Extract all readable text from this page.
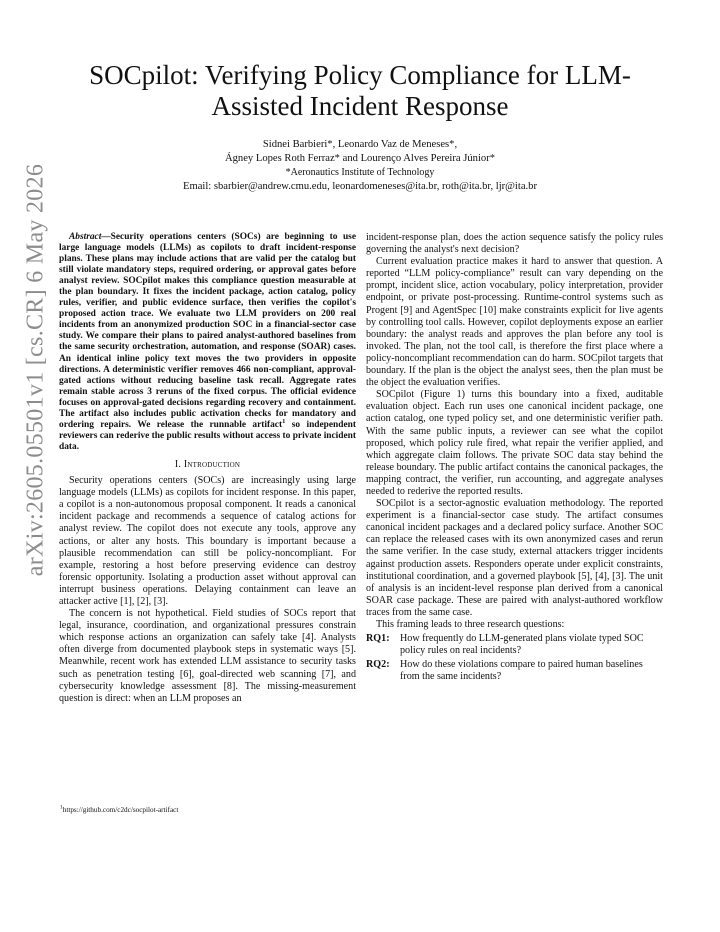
arXiv:2605.05501v1 [cs.CR] 6 May 2026
SOCpilot: Verifying Policy Compliance for LLM-Assisted Incident Response
Sidnei Barbieri*, Leonardo Vaz de Meneses*,
Ágney Lopes Roth Ferraz* and Lourenço Alves Pereira Júnior*
*Aeronautics Institute of Technology
Email: sbarbier@andrew.cmu.edu, leonardomeneses@ita.br, roth@ita.br, ljr@ita.br

Abstract—Security operations centers (SOCs) are beginning to use large language models (LLMs) as copilots to draft incident-response plans. These plans may include actions that are valid per the catalog but still violate mandatory steps, required ordering, or approval gates before analyst review. SOCpilot makes this compliance question measurable at the plan boundary. It fixes the incident package, action catalog, policy rules, verifier, and public evidence surface, then verifies the copilot's proposed action trace. We evaluate two LLM providers on 200 real incidents from an anonymized production SOC in a financial-sector case study. We compare their plans to paired analyst-authored baselines from the same security orchestration, automation, and response (SOAR) cases. An identical inline policy text moves the two providers in opposite directions. A deterministic verifier removes 466 non-compliant, approval-gated actions without reducing baseline task recall. Aggregate rates remain stable across 3 reruns of the fixed corpus. The official evidence focuses on approval-gated decisions regarding recovery and containment. The artifact also includes public activation checks for mandatory and ordering repairs. We release the runnable artifact$^1$ so independent reviewers can rederive the public results without access to private incident data.

I. Introduction

Security operations centers (SOCs) are increasingly using large language models (LLMs) as copilots for incident response. In this paper, a copilot is a non-autonomous proposal component. It reads a canonical incident package and recommends a sequence of catalog actions for analyst review. The copilot does not execute any tools, approve any actions, or alter any hosts. This boundary is important because a plausible recommendation can still be policy-noncompliant. For example, restoring a host before preserving evidence can destroy forensic opportunity. Isolating a production asset without approval can interrupt business operations. Delaying containment can leave an attacker active [1], [2], [3].

The concern is not hypothetical. Field studies of SOCs report that legal, insurance, coordination, and organizational pressures constrain which response actions an organization can safely take [4]. Analysts often diverge from documented playbook steps in systematic ways [5]. Meanwhile, recent work has extended LLM assistance to security tasks such as penetration testing [6], goal-directed web scanning [7], and cybersecurity knowledge assessment [8]. The missing-measurement question is direct: when an LLM proposes an

incident-response plan, does the action sequence satisfy the policy rules governing the analyst's next decision?

Current evaluation practice makes it hard to answer that question. A reported “LLM policy-compliance” result can vary depending on the prompt, incident slice, action vocabulary, policy interpretation, provider endpoint, or private post-processing. Runtime-control systems such as Progent [9] and AgentSpec [10] make constraints explicit for live agents by controlling tool calls. However, copilot deployments expose an earlier boundary: the analyst reads and approves the plan before any tool is invoked. The plan, not the tool call, is therefore the first place where a policy-noncompliant recommendation can do harm. SOCpilot targets that boundary. If the plan is the object the analyst sees, then the plan must be the object the evaluation verifies.

SOCpilot (Figure 1) turns this boundary into a fixed, auditable evaluation object. Each run uses one canonical incident package, one action catalog, one typed policy set, and one deterministic verifier path. With the same public inputs, a reviewer can see what the copilot proposed, which policy rule fired, what repair the verifier applied, and which aggregate claim follows. The private SOC data stay behind the release boundary. The public artifact contains the canonical packages, the mapping contract, the verifier, run accounting, and aggregate analyses needed to rederive the reported results.

SOCpilot is a sector-agnostic evaluation methodology. The reported experiment is a financial-sector case study. The artifact consumes canonical incident packages and a declared policy surface. Another SOC can replace the released cases with its own anonymized cases and rerun the same verifier. In the case study, external attackers trigger incidents against production assets. Responders operate under explicit constraints, institutional coordination, and a governed playbook [5], [4], [3]. The unit of analysis is an incident-level response plan derived from a canonical SOAR case package. These are paired with analyst-authored workflow traces from the same case.

This framing leads to three research questions:

RQ1:	How frequently do LLM-generated plans violate typed SOC policy rules on real incidents?
RQ2:	How do these violations compare to paired human baselines from the same incidents?
$^1$https://github.com/c2dc/socpilot-artifact
